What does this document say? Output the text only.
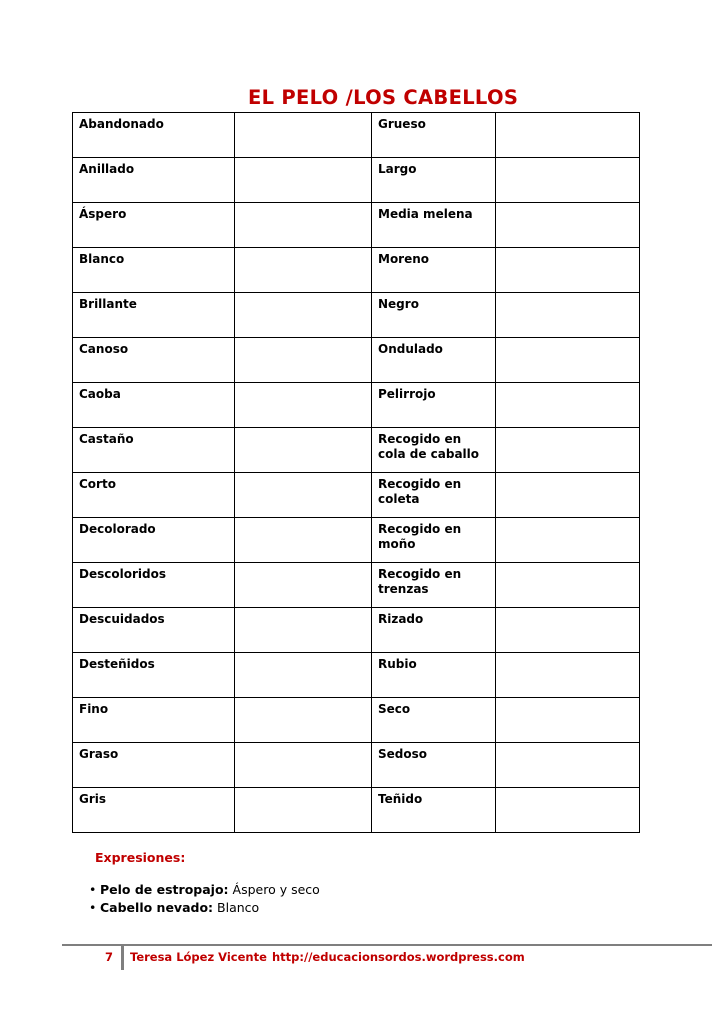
EL PELO /LOS CABELLOS
Abandonado		Grueso	
Anillado		Largo	
Áspero		Media melena	
Blanco		Moreno	
Brillante		Negro	
Canoso		Ondulado	
Caoba		Pelirrojo	
Castaño		Recogido en cola de caballo	
Corto		Recogido en coleta	
Decolorado		Recogido en moño	
Descoloridos		Recogido en trenzas	
Descuidados		Rizado	
Desteñidos		Rubio	
Fino		Seco	
Graso		Sedoso	
Gris		Teñido	
Expresiones:
• Pelo de estropajo: Áspero y seco
• Cabello nevado: Blanco
7 Teresa López Vicente http://educacionsordos.wordpress.com
